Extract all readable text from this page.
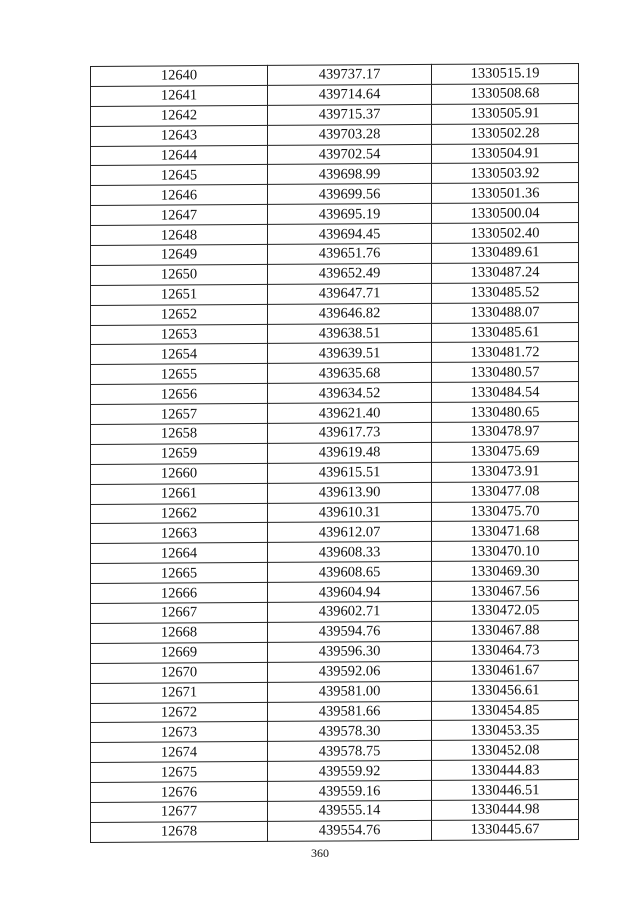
12640	439737.17	1330515.19
12641	439714.64	1330508.68
12642	439715.37	1330505.91
12643	439703.28	1330502.28
12644	439702.54	1330504.91
12645	439698.99	1330503.92
12646	439699.56	1330501.36
12647	439695.19	1330500.04
12648	439694.45	1330502.40
12649	439651.76	1330489.61
12650	439652.49	1330487.24
12651	439647.71	1330485.52
12652	439646.82	1330488.07
12653	439638.51	1330485.61
12654	439639.51	1330481.72
12655	439635.68	1330480.57
12656	439634.52	1330484.54
12657	439621.40	1330480.65
12658	439617.73	1330478.97
12659	439619.48	1330475.69
12660	439615.51	1330473.91
12661	439613.90	1330477.08
12662	439610.31	1330475.70
12663	439612.07	1330471.68
12664	439608.33	1330470.10
12665	439608.65	1330469.30
12666	439604.94	1330467.56
12667	439602.71	1330472.05
12668	439594.76	1330467.88
12669	439596.30	1330464.73
12670	439592.06	1330461.67
12671	439581.00	1330456.61
12672	439581.66	1330454.85
12673	439578.30	1330453.35
12674	439578.75	1330452.08
12675	439559.92	1330444.83
12676	439559.16	1330446.51
12677	439555.14	1330444.98
12678	439554.76	1330445.67
360
